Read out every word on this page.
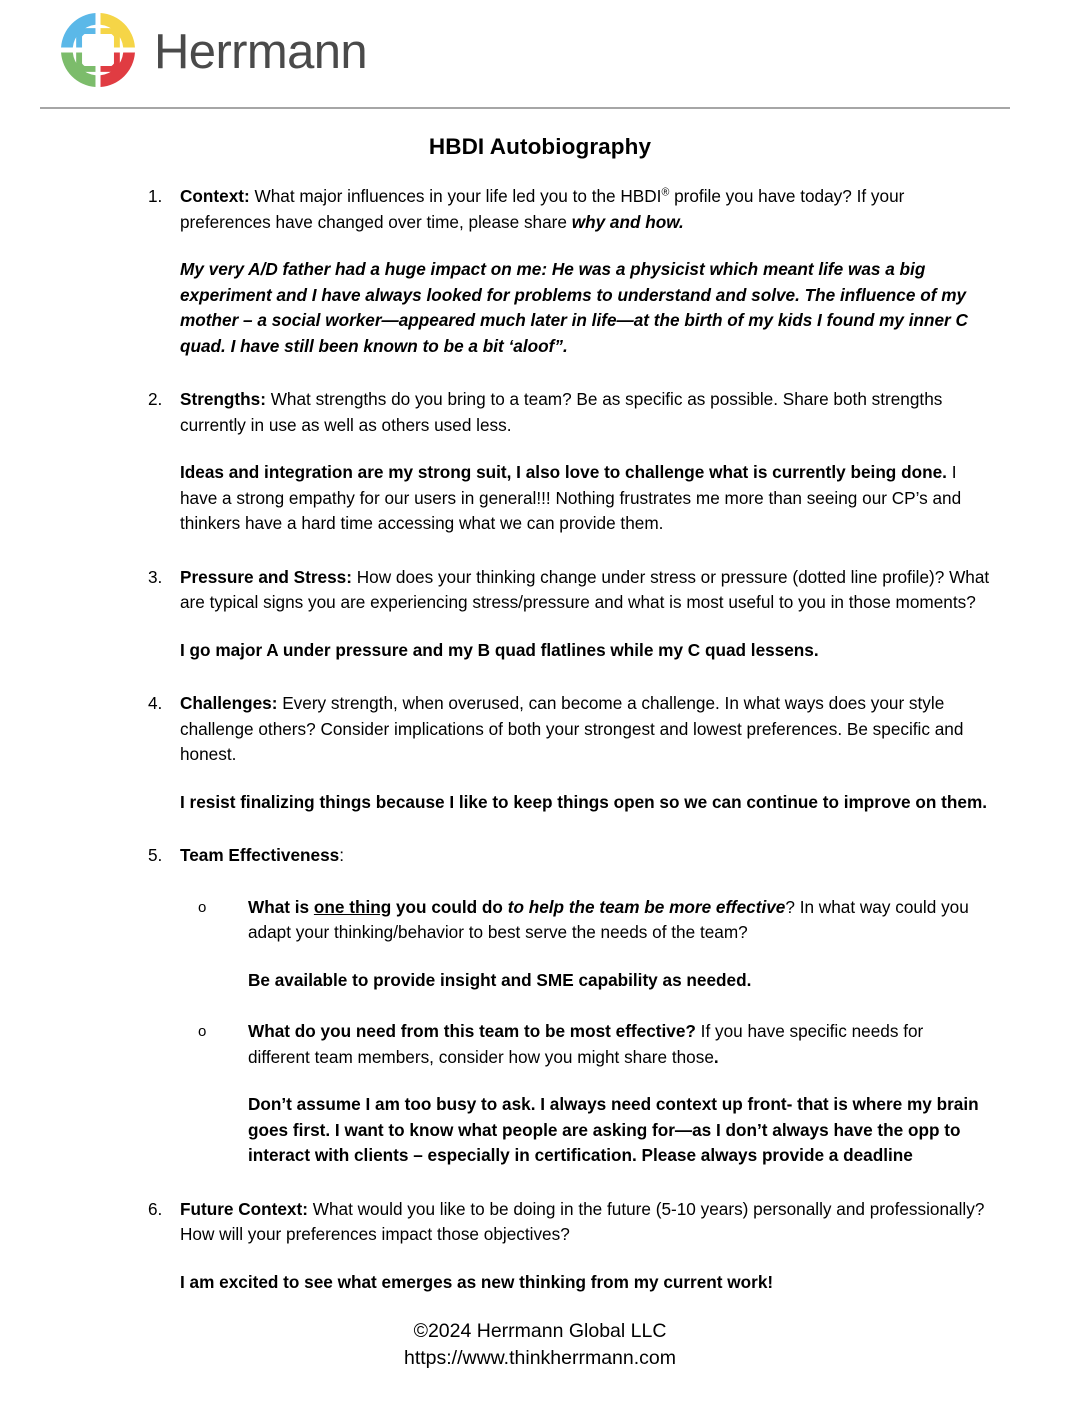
Herrmann
HBDI Autobiography
1.	Context: What major influences in your life led you to the HBDI® profile you have today? If your preferences have changed over time, please share why and how.

My very A/D father had a huge impact on me: He was a physicist which meant life was a big experiment and I have always looked for problems to understand and solve. The influence of my mother – a social worker—appeared much later in life—at the birth of my kids I found my inner C quad. I have still been known to be a bit ‘aloof”.

2.	Strengths: What strengths do you bring to a team? Be as specific as possible. Share both strengths currently in use as well as others used less.

Ideas and integration are my strong suit, I also love to challenge what is currently being done. I have a strong empathy for our users in general!!! Nothing frustrates me more than seeing our CP’s and thinkers have a hard time accessing what we can provide them.

3.	Pressure and Stress: How does your thinking change under stress or pressure (dotted line profile)? What are typical signs you are experiencing stress/pressure and what is most useful to you in those moments?

I go major A under pressure and my B quad flatlines while my C quad lessens.

4.	Challenges: Every strength, when overused, can become a challenge. In what ways does your style challenge others? Consider implications of both your strongest and lowest preferences. Be specific and honest.

I resist finalizing things because I like to keep things open so we can continue to improve on them.

5.	Team Effectiveness:

o What is one thing you could do to help the team be more effective? In what way could you adapt your thinking/behavior to best serve the needs of the team?

Be available to provide insight and SME capability as needed.

o What do you need from this team to be most effective? If you have specific needs for different team members, consider how you might share those.

Don’t assume I am too busy to ask. I always need context up front- that is where my brain goes first. I want to know what people are asking for—as I don’t always have the opp to interact with clients – especially in certification. Please always provide a deadline

6.	Future Context: What would you like to be doing in the future (5-10 years) personally and professionally? How will your preferences impact those objectives?

I am excited to see what emerges as new thinking from my current work!

©2024 Herrmann Global LLC
https://www.thinkherrmann.com
